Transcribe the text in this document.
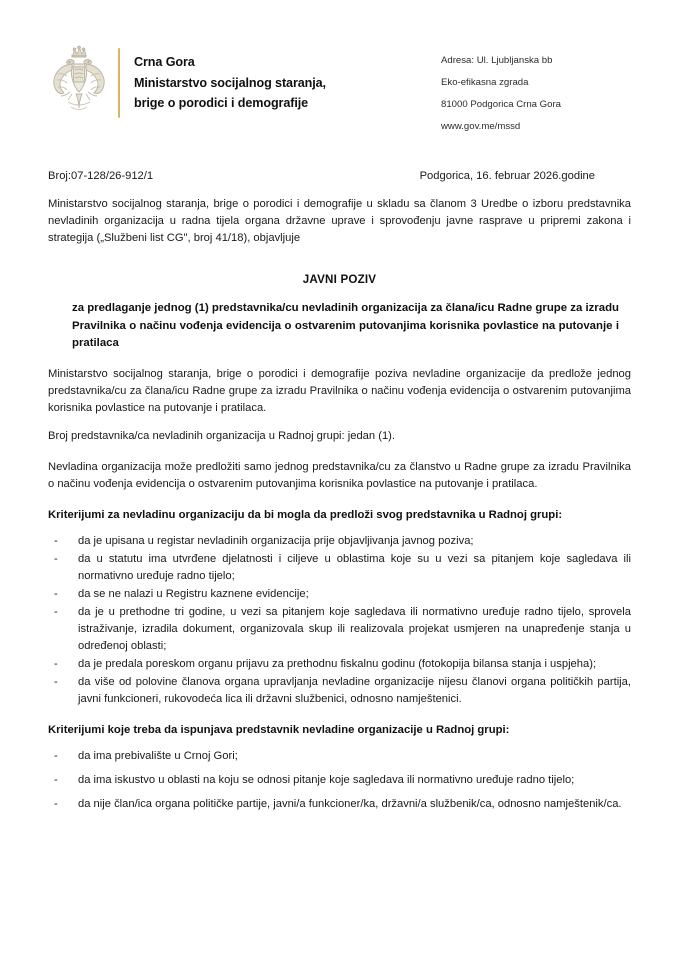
Crna Gora
Ministarstvo socijalnog staranja,
brige o porodici i demografije
Adresa: Ul. Ljubljanska bb
Eko-efikasna zgrada
81000 Podgorica Crna Gora
www.gov.me/mssd
Broj:07-128/26-912/1	Podgorica, 16. februar 2026.godine

Ministarstvo socijalnog staranja, brige o porodici i demografije u skladu sa članom 3 Uredbe o izboru predstavnika nevladinih organizacija u radna tijela organa državne uprave i sprovođenju javne rasprave u pripremi zakona i strategija („Službeni list CG", broj 41/18), objavljuje

JAVNI POZIV

za predlaganje jednog (1) predstavnika/cu nevladinih organizacija za člana/icu Radne grupe za izradu Pravilnika o načinu vođenja evidencija o ostvarenim putovanjima korisnika povlastice na putovanje i pratilaca

Ministarstvo socijalnog staranja, brige o porodici i demografije poziva nevladine organizacije da predlože jednog predstavnika/cu za člana/icu Radne grupe za izradu Pravilnika o načinu vođenja evidencija o ostvarenim putovanjima korisnika povlastice na putovanje i pratilaca.

Broj predstavnika/ca nevladinih organizacija u Radnoj grupi: jedan (1).

Nevladina organizacija može predložiti samo jednog predstavnika/cu za članstvo u Radne grupe za izradu Pravilnika o načinu vođenja evidencija o ostvarenim putovanjima korisnika povlastice na putovanje i pratilaca.

Kriterijumi za nevladinu organizaciju da bi mogla da predloži svog predstavnika u Radnoj grupi:
- da je upisana u registar nevladinih organizacija prije objavljivanja javnog poziva;
- da u statutu ima utvrđene djelatnosti i ciljeve u oblastima koje su u vezi sa pitanjem koje sagledava ili normativno uređuje radno tijelo;
- da se ne nalazi u Registru kaznene evidencije;
- da je u prethodne tri godine, u vezi sa pitanjem koje sagledava ili normativno uređuje radno tijelo, sprovela istraživanje, izradila dokument, organizovala skup ili realizovala projekat usmjeren na unapređenje stanja u određenoj oblasti;
- da je predala poreskom organu prijavu za prethodnu fiskalnu godinu (fotokopija bilansa stanja i uspjeha);
- da više od polovine članova organa upravljanja nevladine organizacije nijesu članovi organa političkih partija, javni funkcioneri, rukovodeća lica ili državni službenici, odnosno namještenici.
Kriterijumi koje treba da ispunjava predstavnik nevladine organizacije u Radnoj grupi:
- da ima prebivalište u Crnoj Gori;
- da ima iskustvo u oblasti na koju se odnosi pitanje koje sagledava ili normativno uređuje radno tijelo;
- da nije član/ica organa političke partije, javni/a funkcioner/ka, državni/a službenik/ca, odnosno namještenik/ca.
